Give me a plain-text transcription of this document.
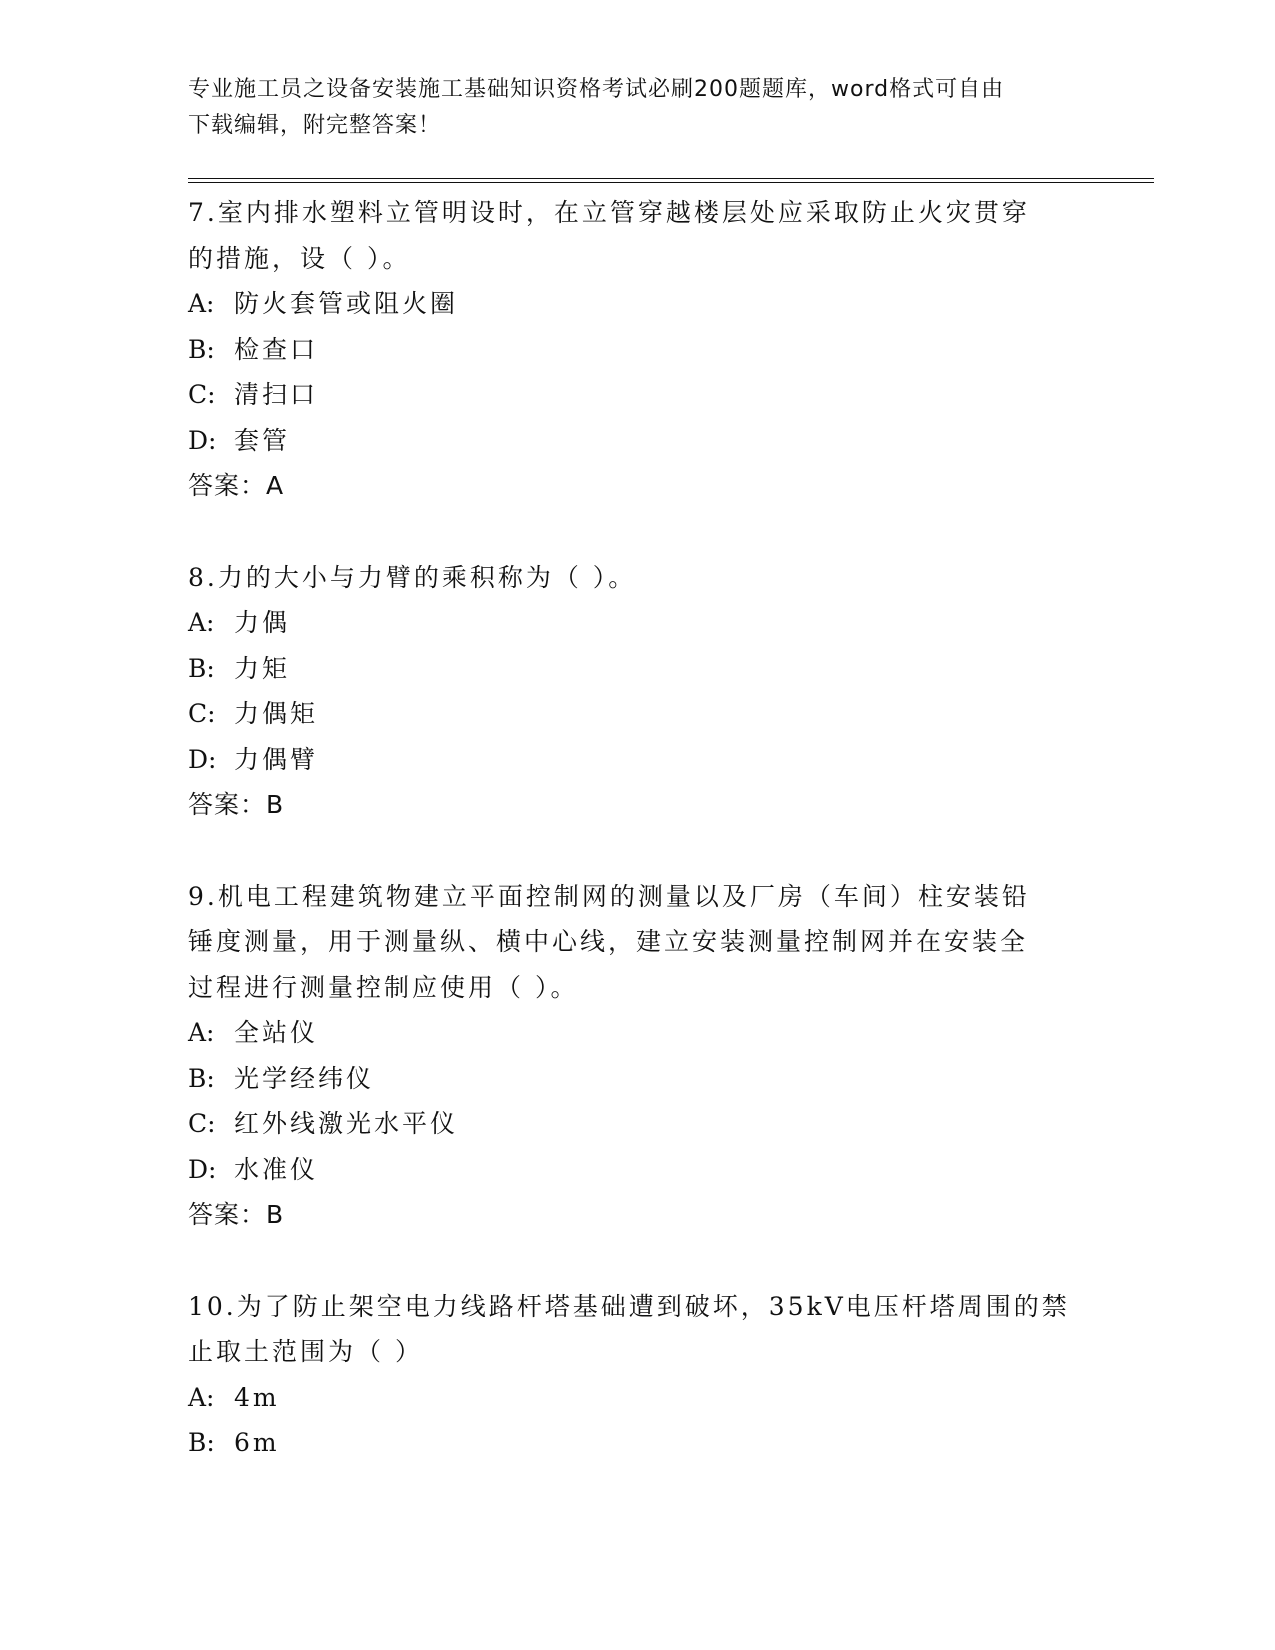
专业施工员之设备安装施工基础知识资格考试必刷200题题库，word格式可自由
下载编辑，附完整答案！
7.室内排水塑料立管明设时，在立管穿越楼层处应采取防止火灾贯穿
的措施，设（ ）。
A: 防火套管或阻火圈
B: 检查口
C: 清扫口
D: 套管
答案：A
8.力的大小与力臂的乘积称为（ ）。
A: 力偶
B: 力矩
C: 力偶矩
D: 力偶臂
答案：B
9.机电工程建筑物建立平面控制网的测量以及厂房（车间）柱安装铅
锤度测量，用于测量纵、横中心线，建立安装测量控制网并在安装全
过程进行测量控制应使用（ ）。
A: 全站仪
B: 光学经纬仪
C: 红外线激光水平仪
D: 水准仪
答案：B
10.为了防止架空电力线路杆塔基础遭到破坏，35kV电压杆塔周围的禁
止取土范围为（ ）
A: 4m
B: 6m
